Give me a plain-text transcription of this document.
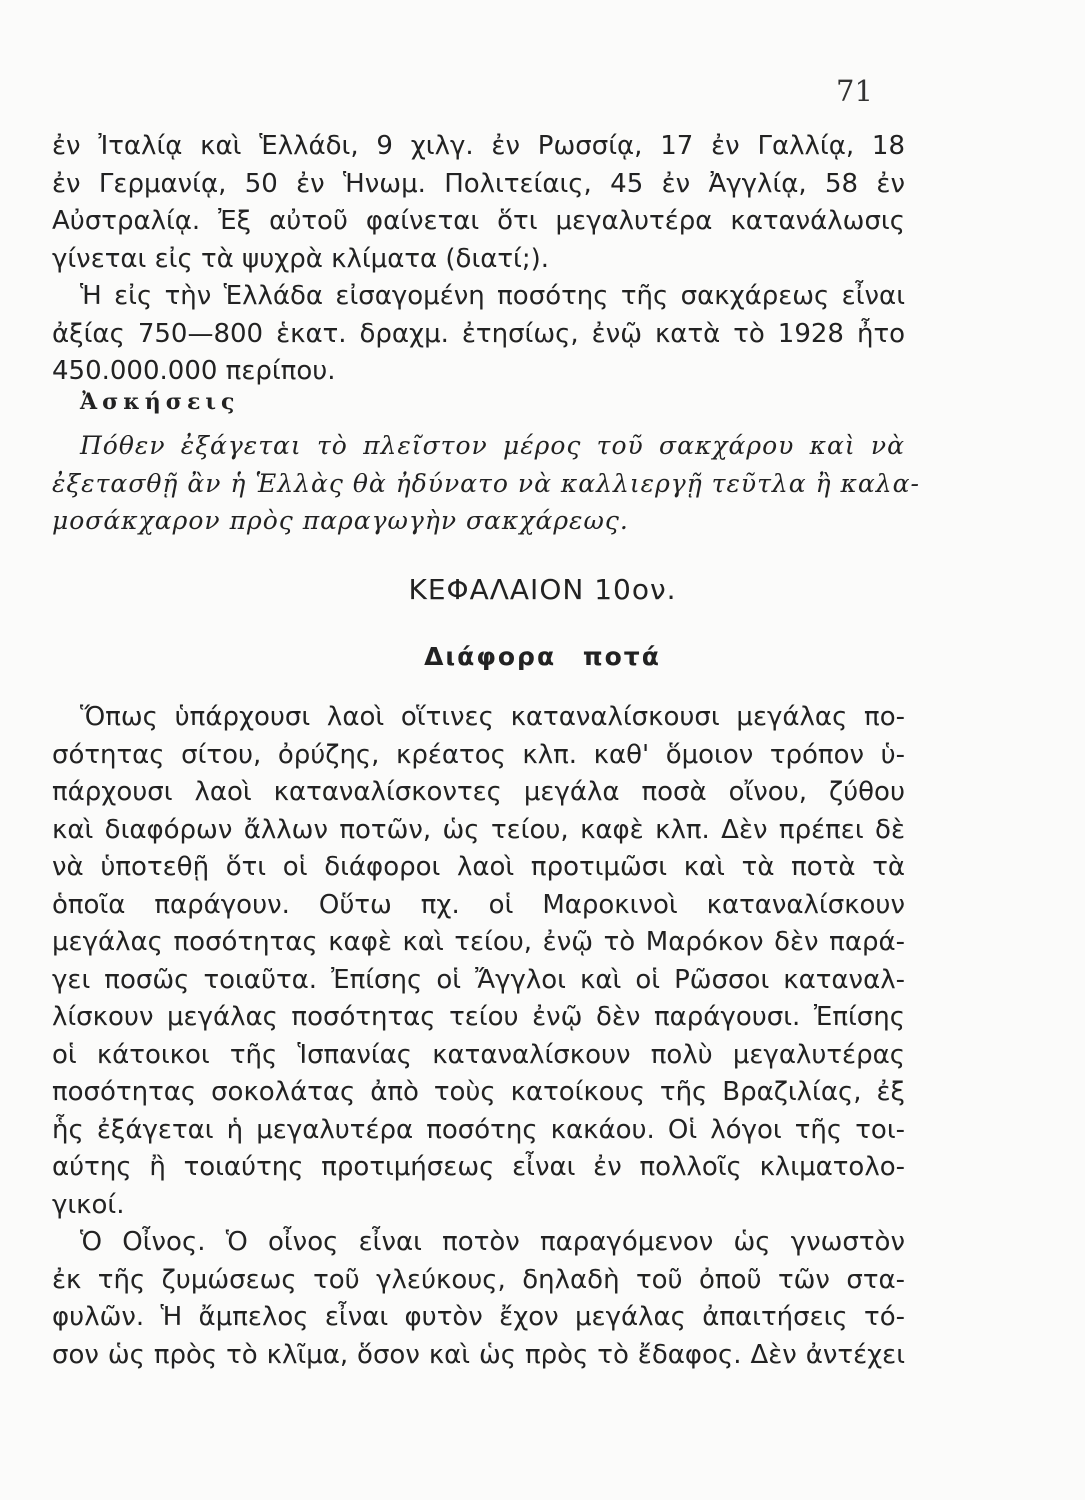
71
ἐν Ἰταλίᾳ καὶ Ἑλλάδι, 9 χιλγ. ἐν Ρωσσίᾳ, 17 ἐν Γαλλίᾳ, 18
ἐν Γερμανίᾳ, 50 ἐν Ἡνωμ. Πολιτείαις, 45 ἐν Ἀγγλίᾳ, 58 ἐν
Αὐστραλίᾳ. Ἐξ αὐτοῦ φαίνεται ὅτι μεγαλυτέρα κατανάλωσις
γίνεται εἰς τὰ ψυχρὰ κλίματα (διατί;).
Ἡ εἰς τὴν Ἑλλάδα εἰσαγομένη ποσότης τῆς σακχάρεως εἶναι
ἀξίας 750—800 ἑκατ. δραχμ. ἐτησίως, ἐνῷ κατὰ τὸ 1928 ἦτο
450.000.000 περίπου.
Ἀσκήσεις
Πόθεν ἐξάγεται τὸ πλεῖστον μέρος τοῦ σακχάρου καὶ νὰ
ἐξετασθῇ ἂν ἡ Ἑλλὰς θὰ ἠδύνατο νὰ καλλιεργῇ τεῦτλα ἢ καλα-
μοσάκχαρον πρὸς παραγωγὴν σακχάρεως.
ΚΕΦΑΛΑΙΟΝ 10ον.
Διάφορα ποτά
Ὅπως ὑπάρχουσι λαοὶ οἵτινες καταναλίσκουσι μεγάλας πο-
σότητας σίτου, ὀρύζης, κρέατος κλπ. καθ' ὅμοιον τρόπον ὑ-
πάρχουσι λαοὶ καταναλίσκοντες μεγάλα ποσὰ οἴνου, ζύθου
καὶ διαφόρων ἄλλων ποτῶν, ὡς τείου, καφὲ κλπ. Δὲν πρέπει δὲ
νὰ ὑποτεθῇ ὅτι οἱ διάφοροι λαοὶ προτιμῶσι καὶ τὰ ποτὰ τὰ
ὁποῖα παράγουν. Οὕτω πχ. οἱ Μαροκινοὶ καταναλίσκουν
μεγάλας ποσότητας καφὲ καὶ τείου, ἐνῷ τὸ Μαρόκον δὲν παρά-
γει ποσῶς τοιαῦτα. Ἐπίσης οἱ Ἄγγλοι καὶ οἱ Ρῶσσοι καταναλ-
λίσκουν μεγάλας ποσότητας τείου ἐνῷ δὲν παράγουσι. Ἐπίσης
οἱ κάτοικοι τῆς Ἱσπανίας καταναλίσκουν πολὺ μεγαλυτέρας
ποσότητας σοκολάτας ἀπὸ τοὺς κατοίκους τῆς Βραζιλίας, ἐξ
ἧς ἐξάγεται ἡ μεγαλυτέρα ποσότης κακάου. Οἱ λόγοι τῆς τοι-
αύτης ἢ τοιαύτης προτιμήσεως εἶναι ἐν πολλοῖς κλιματολο-
γικοί.
Ὁ Οἶνος. Ὁ οἶνος εἶναι ποτὸν παραγόμενον ὡς γνωστὸν
ἐκ τῆς ζυμώσεως τοῦ γλεύκους, δηλαδὴ τοῦ ὀποῦ τῶν στα-
φυλῶν. Ἡ ἄμπελος εἶναι φυτὸν ἔχον μεγάλας ἀπαιτήσεις τό-
σον ὡς πρὸς τὸ κλῖμα, ὅσον καὶ ὡς πρὸς τὸ ἔδαφος. Δὲν ἀντέχει
